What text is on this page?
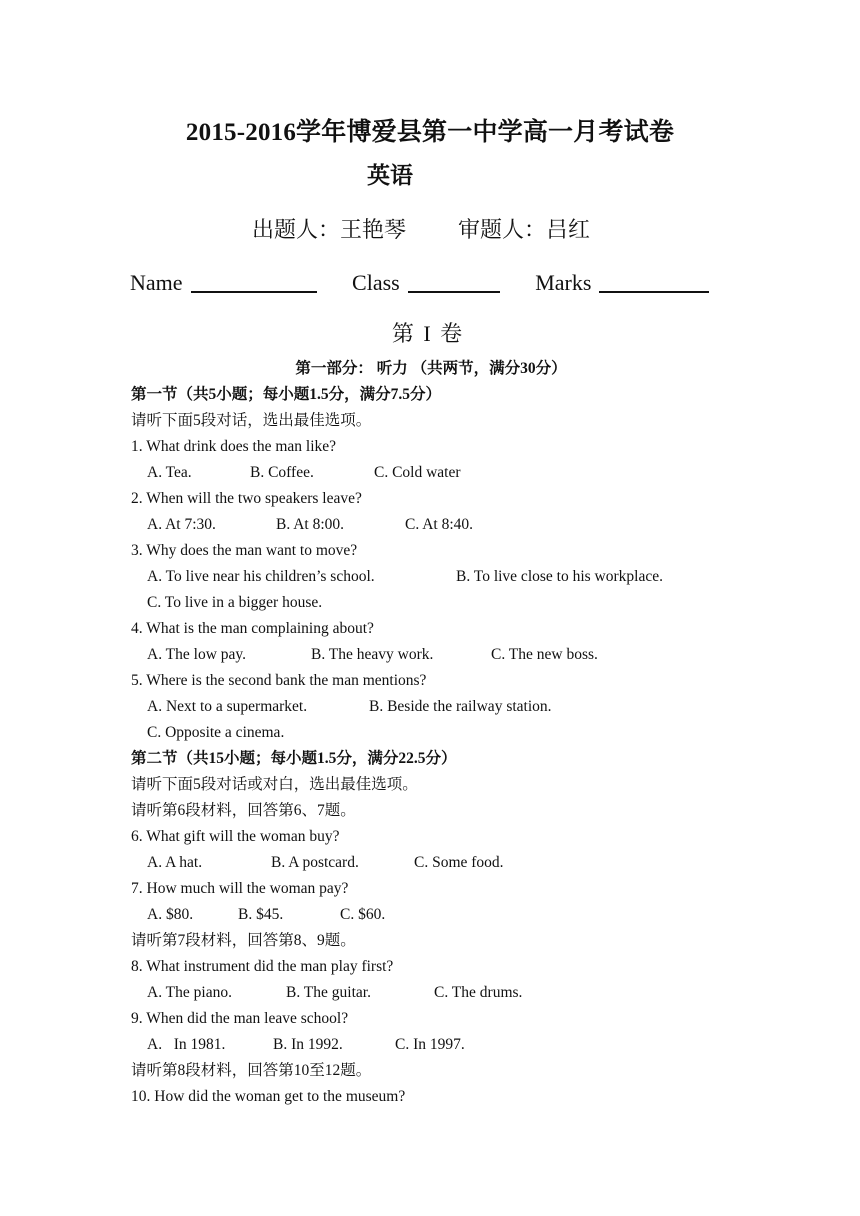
2015-2016学年博爱县第一中学高一月考试卷
英语
出题人：王艳琴 审题人：吕红
Name	Class	Marks
第 I 卷
第一部分： 听力 （共两节，满分30分）
第一节（共5小题；每小题1.5分，满分7.5分）
请听下面5段对话，选出最佳选项。
1. What drink does the man like?
A. Tea.	B. Coffee.	C. Cold water
2. When will the two speakers leave?
A. At 7:30.	B. At 8:00.	C. At 8:40.
3. Why does the man want to move?
A. To live near his children’s school.	B. To live close to his workplace.
C. To live in a bigger house.
4. What is the man complaining about?
A. The low pay.	B. The heavy work.	C. The new boss.
5. Where is the second bank the man mentions?
A. Next to a supermarket.	B. Beside the railway station.
C. Opposite a cinema.
第二节（共15小题；每小题1.5分，满分22.5分）
请听下面5段对话或对白，选出最佳选项。
请听第6段材料，回答第6、7题。
6. What gift will the woman buy?
A. A hat.	B. A postcard.	C. Some food.
7. How much will the woman pay?
A. $80.	B. $45.	C. $60.
请听第7段材料，回答第8、9题。
8. What instrument did the man play first?
A. The piano.	B. The guitar.	C. The drums.
9. When did the man leave school?
A.   In 1981.	B. In 1992.	C. In 1997.
请听第8段材料，回答第10至12题。
10. How did the woman get to the museum?
